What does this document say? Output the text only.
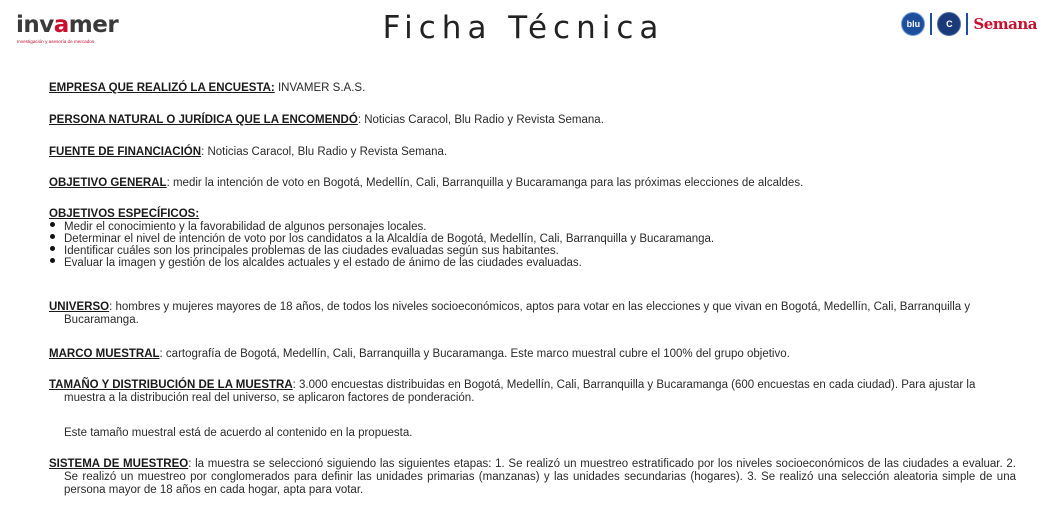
invamer
Investigación y asesoría de mercados	Ficha Técnica	blu	C	Semana
EMPRESA QUE REALIZÓ LA ENCUESTA: INVAMER S.A.S.
PERSONA NATURAL O JURÍDICA QUE LA ENCOMENDÓ: Noticias Caracol, Blu Radio y Revista Semana.
FUENTE DE FINANCIACIÓN: Noticias Caracol, Blu Radio y Revista Semana.
OBJETIVO GENERAL: medir la intención de voto en Bogotá, Medellín, Cali, Barranquilla y Bucaramanga para las próximas elecciones de alcaldes.
OBJETIVOS ESPECÍFICOS:
Medir el conocimiento y la favorabilidad de algunos personajes locales.
Determinar el nivel de intención de voto por los candidatos a la Alcaldía de Bogotá, Medellín, Cali, Barranquilla y Bucaramanga.
Identificar cuáles son los principales problemas de las ciudades evaluadas según sus habitantes.
Evaluar la imagen y gestión de los alcaldes actuales y el estado de ánimo de las ciudades evaluadas.
UNIVERSO: hombres y mujeres mayores de 18 años, de todos los niveles socioeconómicos, aptos para votar en las elecciones y que vivan en Bogotá, Medellín, Cali, Barranquilla y Bucaramanga.
MARCO MUESTRAL: cartografía de Bogotá, Medellín, Cali, Barranquilla y Bucaramanga. Este marco muestral cubre el 100% del grupo objetivo.
TAMAÑO Y DISTRIBUCIÓN DE LA MUESTRA: 3.000 encuestas distribuidas en Bogotá, Medellín, Cali, Barranquilla y Bucaramanga (600 encuestas en cada ciudad). Para ajustar la muestra a la distribución real del universo, se aplicaron factores de ponderación.
Este tamaño muestral está de acuerdo al contenido en la propuesta.
SISTEMA DE MUESTREO: la muestra se seleccionó siguiendo las siguientes etapas: 1. Se realizó un muestreo estratificado por los niveles socioeconómicos de las ciudades a evaluar. 2. Se realizó un muestreo por conglomerados para definir las unidades primarias (manzanas) y las unidades secundarias (hogares). 3. Se realizó una selección aleatoria simple de una persona mayor de 18 años en cada hogar, apta para votar.
